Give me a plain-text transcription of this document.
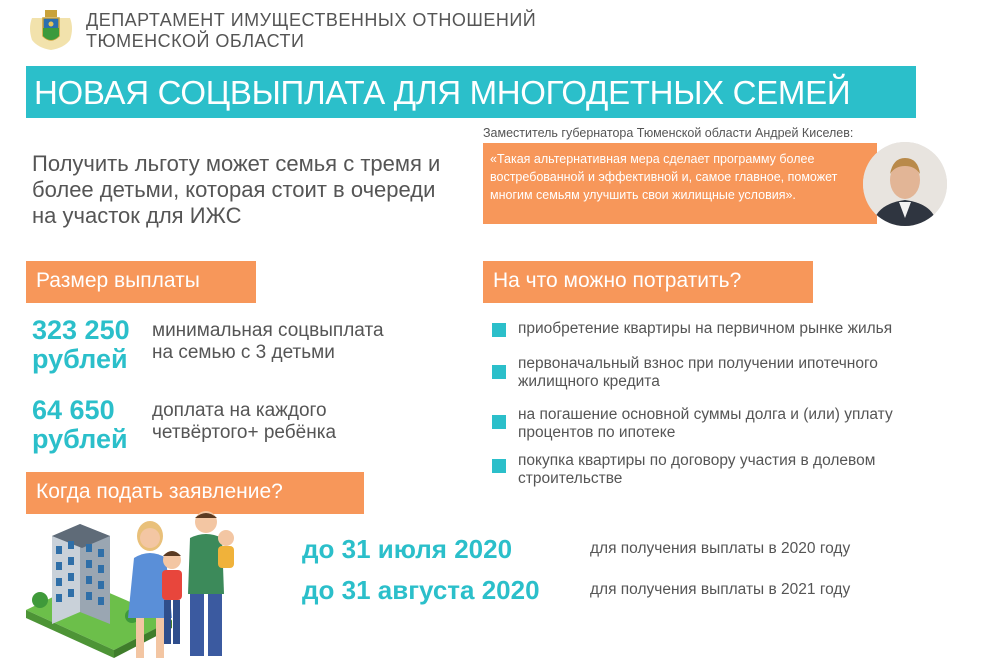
ДЕПАРТАМЕНТ ИМУЩЕСТВЕННЫХ ОТНОШЕНИЙ
ТЮМЕНСКОЙ ОБЛАСТИ
НОВАЯ СОЦВЫПЛАТА ДЛЯ МНОГОДЕТНЫХ СЕМЕЙ
Получить льготу может семья с тремя и более детьми, которая стоит в очереди на участок для ИЖС
Заместитель губернатора Тюменской области Андрей Киселев:
«Такая альтернативная мера сделает программу более востребованной и эффективной и, самое главное, поможет многим семьям улучшить свои жилищные условия».
Размер выплаты
323 250
рублей
минимальная соцвыплата
на семью с 3 детьми
64 650
рублей
доплата на каждого
четвёртого+ ребёнка
На что можно потратить?
приобретение квартиры на первичном рынке жилья
первоначальный взнос при получении ипотечного жилищного кредита
на погашение основной суммы долга и (или) уплату процентов по ипотеке
покупка квартиры по договору участия в долевом строительстве
Когда подать заявление?
до 31 июля 2020	для получения выплаты в 2020 году
до 31 августа 2020	для получения выплаты в 2021 году
